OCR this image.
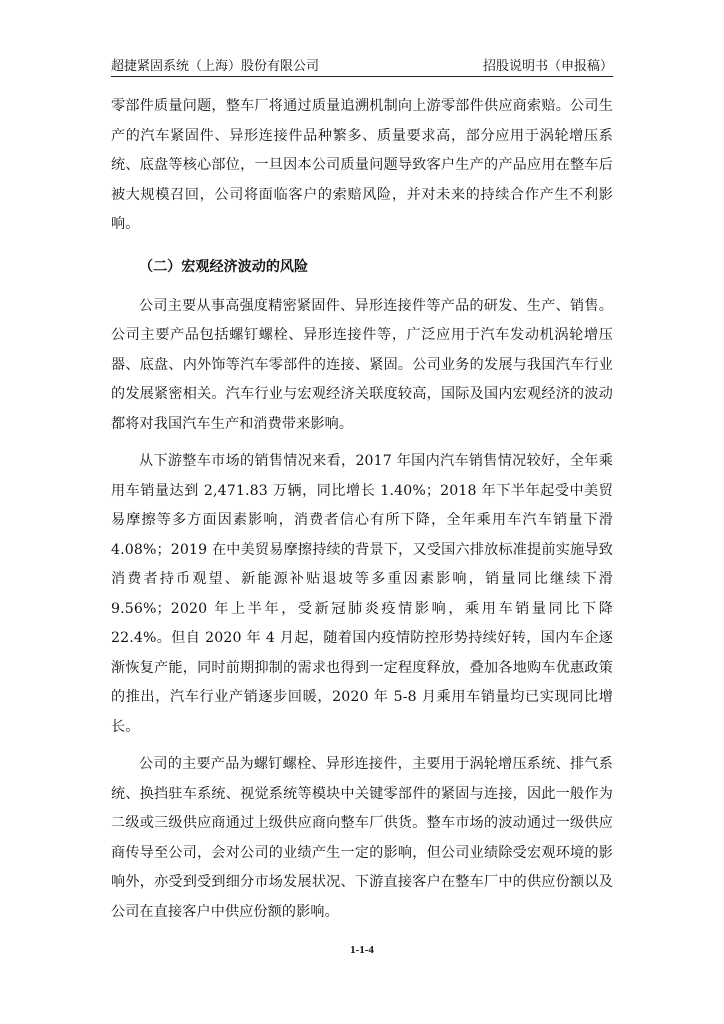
超捷紧固系统（上海）股份有限公司	招股说明书（申报稿）

零部件质量问题，整车厂将通过质量追溯机制向上游零部件供应商索赔。公司生产的汽车紧固件、异形连接件品种繁多、质量要求高，部分应用于涡轮增压系统、底盘等核心部位，一旦因本公司质量问题导致客户生产的产品应用在整车后被大规模召回，公司将面临客户的索赔风险，并对未来的持续合作产生不利影响。

（二）宏观经济波动的风险

公司主要从事高强度精密紧固件、异形连接件等产品的研发、生产、销售。公司主要产品包括螺钉螺栓、异形连接件等，广泛应用于汽车发动机涡轮增压器、底盘、内外饰等汽车零部件的连接、紧固。公司业务的发展与我国汽车行业的发展紧密相关。汽车行业与宏观经济关联度较高，国际及国内宏观经济的波动都将对我国汽车生产和消费带来影响。

从下游整车市场的销售情况来看，2017 年国内汽车销售情况较好，全年乘用车销量达到 2,471.83 万辆，同比增长 1.40%；2018 年下半年起受中美贸易摩擦等多方面因素影响，消费者信心有所下降，全年乘用车汽车销量下滑 4.08%；2019 在中美贸易摩擦持续的背景下，又受国六排放标准提前实施导致消费者持币观望、新能源补贴退坡等多重因素影响，销量同比继续下滑 9.56%；2020 年上半年，受新冠肺炎疫情影响，乘用车销量同比下降 22.4%。但自 2020 年 4 月起，随着国内疫情防控形势持续好转，国内车企逐渐恢复产能，同时前期抑制的需求也得到一定程度释放，叠加各地购车优惠政策的推出，汽车行业产销逐步回暖，2020 年 5-8 月乘用车销量均已实现同比增长。

公司的主要产品为螺钉螺栓、异形连接件，主要用于涡轮增压系统、排气系统、换挡驻车系统、视觉系统等模块中关键零部件的紧固与连接，因此一般作为二级或三级供应商通过上级供应商向整车厂供货。整车市场的波动通过一级供应商传导至公司，会对公司的业绩产生一定的影响，但公司业绩除受宏观环境的影响外，亦受到受到细分市场发展状况、下游直接客户在整车厂中的供应份额以及公司在直接客户中供应份额的影响。

1-1-4
